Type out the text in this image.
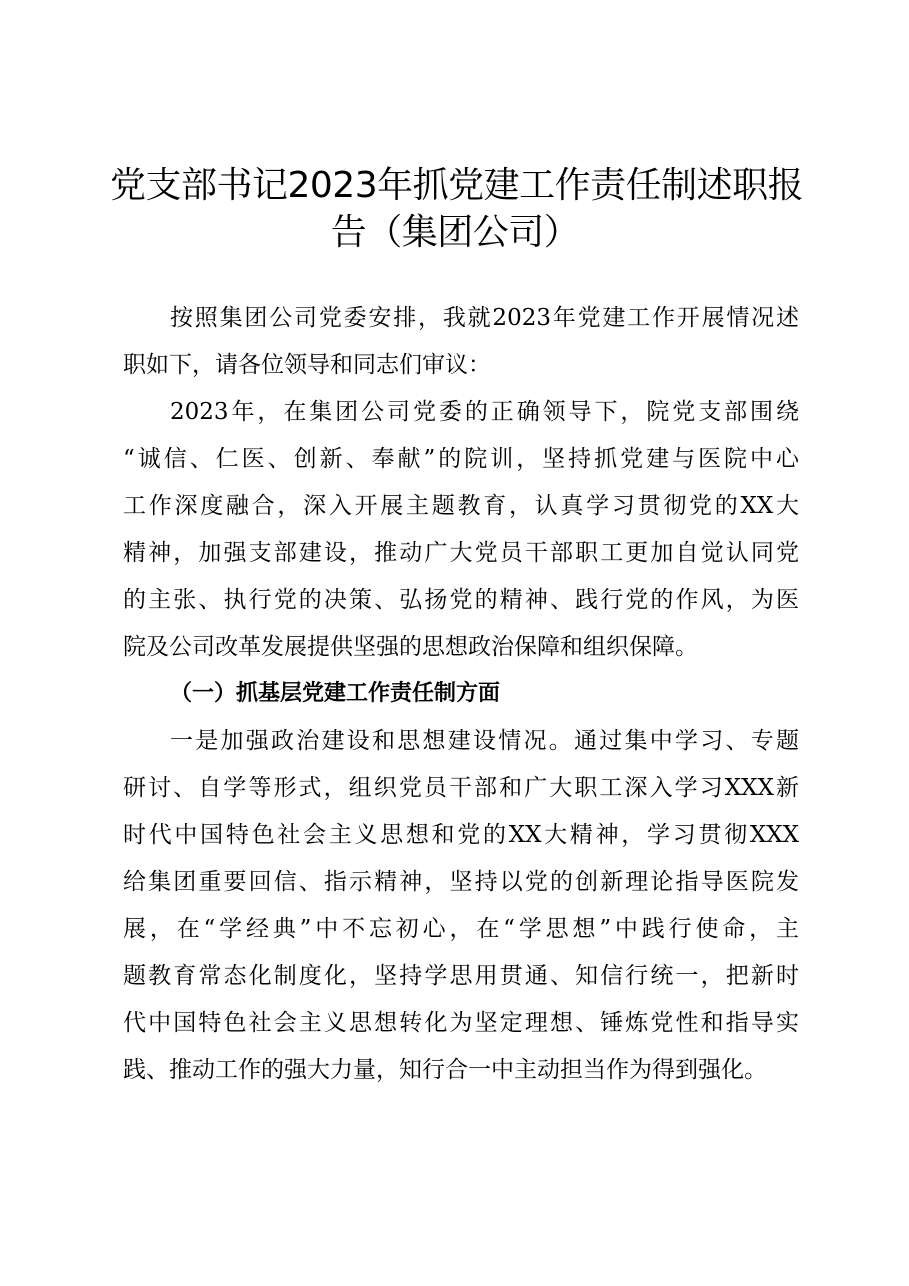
党支部书记2023年抓党建工作责任制述职报
告（集团公司）
按照集团公司党委安排，我就2023年党建工作开展情况述
职如下，请各位领导和同志们审议：
2023年，在集团公司党委的正确领导下，院党支部围绕
“诚信、仁医、创新、奉献”的院训，坚持抓党建与医院中心
工作深度融合，深入开展主题教育，认真学习贯彻党的XX大
精神，加强支部建设，推动广大党员干部职工更加自觉认同党
的主张、执行党的决策、弘扬党的精神、践行党的作风，为医
院及公司改革发展提供坚强的思想政治保障和组织保障。
（一）抓基层党建工作责任制方面
一是加强政治建设和思想建设情况。通过集中学习、专题
研讨、自学等形式，组织党员干部和广大职工深入学习XXX新
时代中国特色社会主义思想和党的XX大精神，学习贯彻XXX
给集团重要回信、指示精神，坚持以党的创新理论指导医院发
展，在“学经典”中不忘初心，在“学思想”中践行使命，主
题教育常态化制度化，坚持学思用贯通、知信行统一，把新时
代中国特色社会主义思想转化为坚定理想、锤炼党性和指导实
践、推动工作的强大力量，知行合一中主动担当作为得到强化。
